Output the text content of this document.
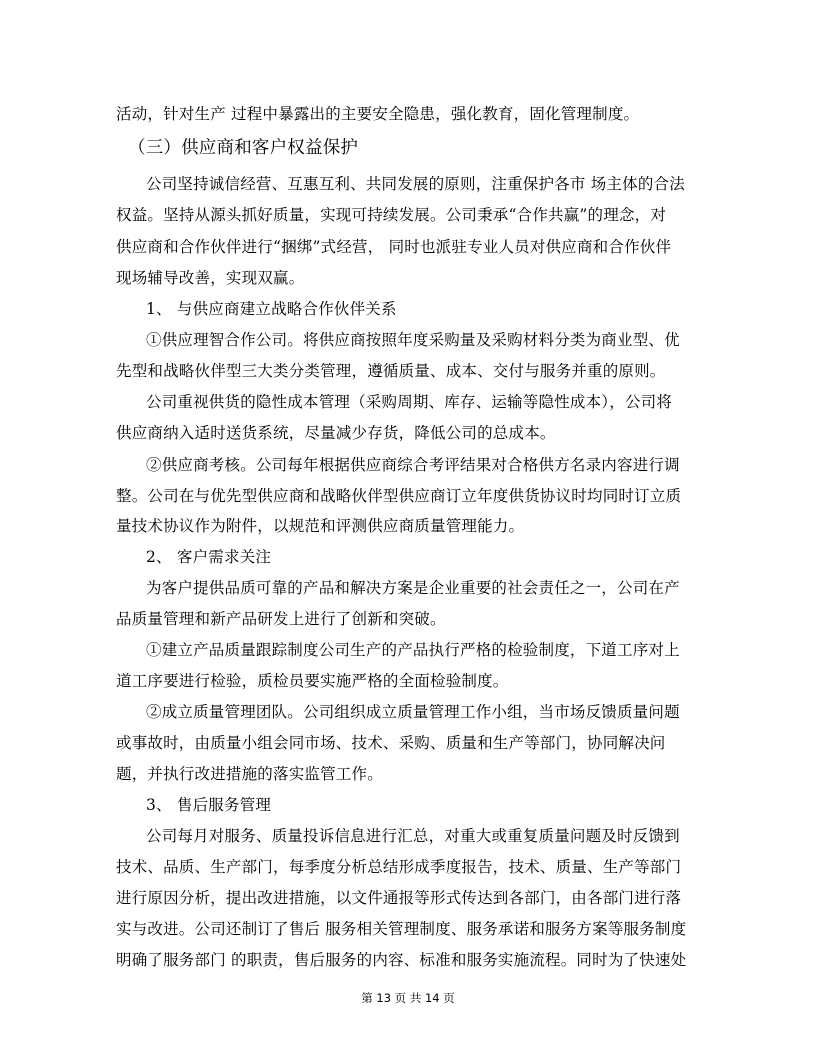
活动，针对生产 过程中暴露出的主要安全隐患，强化教育，固化管理制度。
（三）供应商和客户权益保护
公司坚持诚信经营、互惠互利、共同发展的原则，注重保护各市 场主体的合法
权益。坚持从源头抓好质量，实现可持续发展。公司秉承“合作共赢”的理念，对
供应商和合作伙伴进行“捆绑”式经营， 同时也派驻专业人员对供应商和合作伙伴
现场辅导改善，实现双赢。
1、 与供应商建立战略合作伙伴关系
①供应理智合作公司。将供应商按照年度采购量及采购材料分类为商业型、优
先型和战略伙伴型三大类分类管理，遵循质量、成本、交付与服务并重的原则。
公司重视供货的隐性成本管理（采购周期、库存、运输等隐性成本），公司将
供应商纳入适时送货系统，尽量减少存货，降低公司的总成本。
②供应商考核。公司每年根据供应商综合考评结果对合格供方名录内容进行调
整。公司在与优先型供应商和战略伙伴型供应商订立年度供货协议时均同时订立质
量技术协议作为附件，以规范和评测供应商质量管理能力。
2、 客户需求关注
为客户提供品质可靠的产品和解决方案是企业重要的社会责任之一，公司在产
品质量管理和新产品研发上进行了创新和突破。
①建立产品质量跟踪制度公司生产的产品执行严格的检验制度，下道工序对上
道工序要进行检验，质检员要实施严格的全面检验制度。
②成立质量管理团队。公司组织成立质量管理工作小组，当市场反馈质量问题
或事故时，由质量小组会同市场、技术、采购、质量和生产等部门，协同解决问
题，并执行改进措施的落实监管工作。
3、 售后服务管理
公司每月对服务、质量投诉信息进行汇总，对重大或重复质量问题及时反馈到
技术、品质、生产部门，每季度分析总结形成季度报告，技术、质量、生产等部门
进行原因分析，提出改进措施，以文件通报等形式传达到各部门，由各部门进行落
实与改进。公司还制订了售后 服务相关管理制度、服务承诺和服务方案等服务制度
明确了服务部门 的职责，售后服务的内容、标准和服务实施流程。同时为了快速处
第 13 页 共 14 页
